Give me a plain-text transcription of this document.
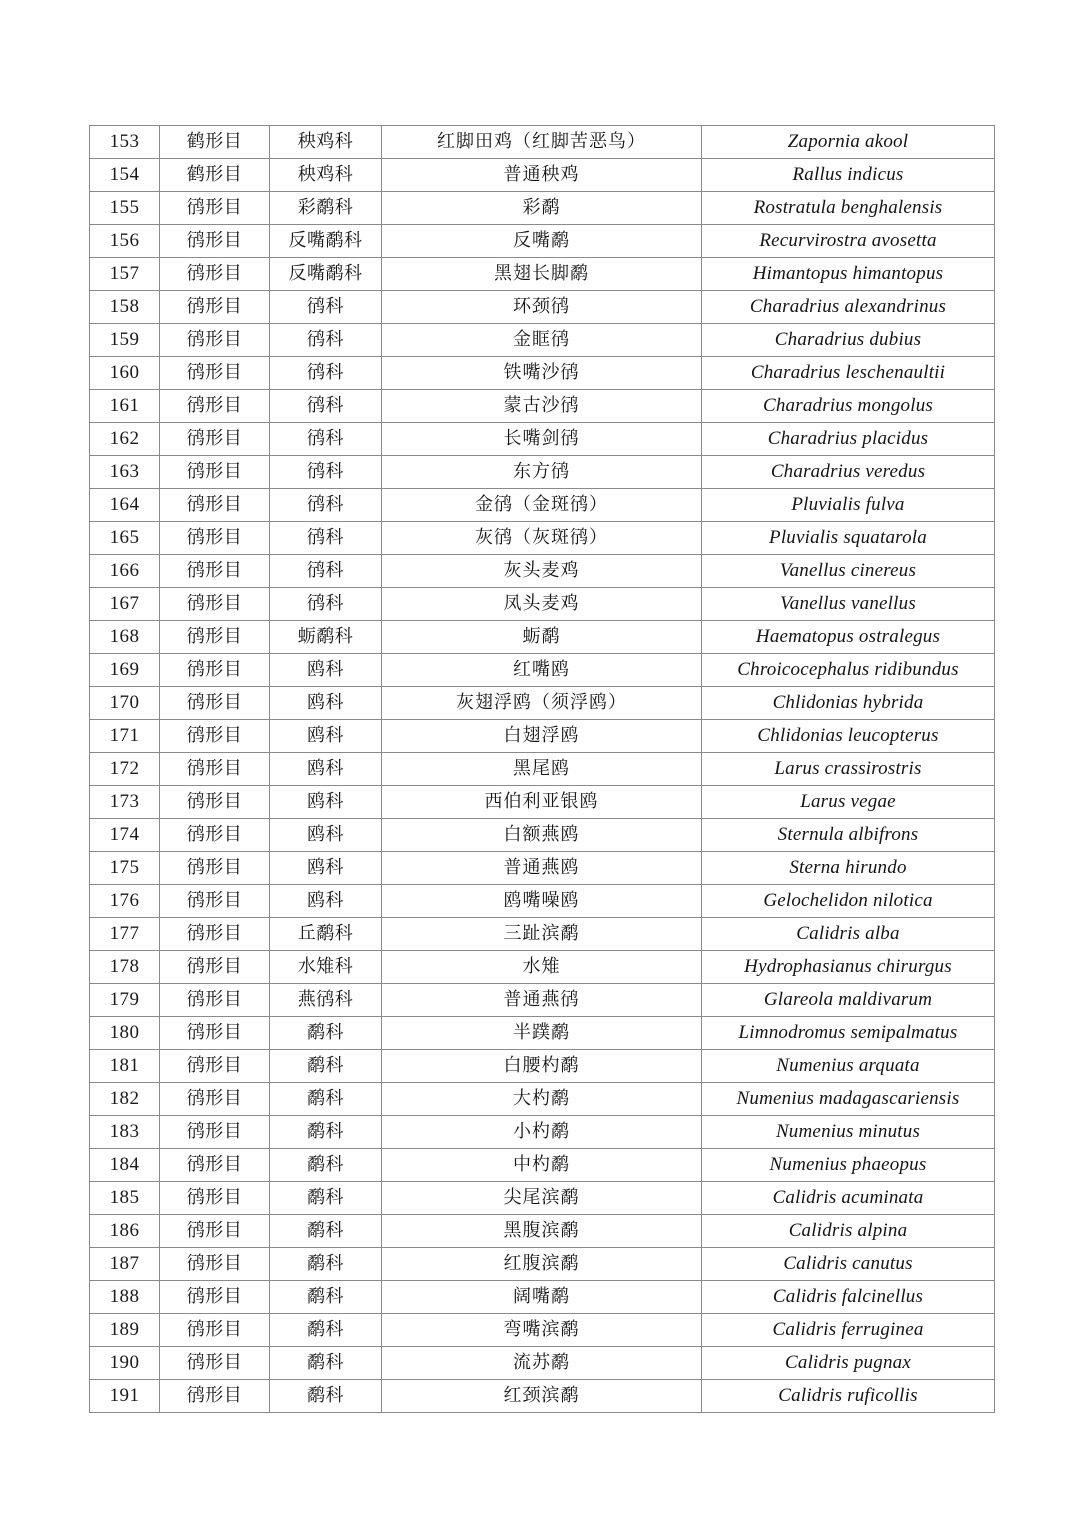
153	鹤形目	秧鸡科	红脚田鸡（红脚苦恶鸟）	Zapornia akool
154	鹤形目	秧鸡科	普通秧鸡	Rallus indicus
155	鸻形目	彩鹬科	彩鹬	Rostratula benghalensis
156	鸻形目	反嘴鹬科	反嘴鹬	Recurvirostra avosetta
157	鸻形目	反嘴鹬科	黑翅长脚鹬	Himantopus himantopus
158	鸻形目	鸻科	环颈鸻	Charadrius alexandrinus
159	鸻形目	鸻科	金眶鸻	Charadrius dubius
160	鸻形目	鸻科	铁嘴沙鸻	Charadrius leschenaultii
161	鸻形目	鸻科	蒙古沙鸻	Charadrius mongolus
162	鸻形目	鸻科	长嘴剑鸻	Charadrius placidus
163	鸻形目	鸻科	东方鸻	Charadrius veredus
164	鸻形目	鸻科	金鸻（金斑鸻）	Pluvialis fulva
165	鸻形目	鸻科	灰鸻（灰斑鸻）	Pluvialis squatarola
166	鸻形目	鸻科	灰头麦鸡	Vanellus cinereus
167	鸻形目	鸻科	凤头麦鸡	Vanellus vanellus
168	鸻形目	蛎鹬科	蛎鹬	Haematopus ostralegus
169	鸻形目	鸥科	红嘴鸥	Chroicocephalus ridibundus
170	鸻形目	鸥科	灰翅浮鸥（须浮鸥）	Chlidonias hybrida
171	鸻形目	鸥科	白翅浮鸥	Chlidonias leucopterus
172	鸻形目	鸥科	黑尾鸥	Larus crassirostris
173	鸻形目	鸥科	西伯利亚银鸥	Larus vegae
174	鸻形目	鸥科	白额燕鸥	Sternula albifrons
175	鸻形目	鸥科	普通燕鸥	Sterna hirundo
176	鸻形目	鸥科	鸥嘴噪鸥	Gelochelidon nilotica
177	鸻形目	丘鹬科	三趾滨鹬	Calidris alba
178	鸻形目	水雉科	水雉	Hydrophasianus chirurgus
179	鸻形目	燕鸻科	普通燕鸻	Glareola maldivarum
180	鸻形目	鹬科	半蹼鹬	Limnodromus semipalmatus
181	鸻形目	鹬科	白腰杓鹬	Numenius arquata
182	鸻形目	鹬科	大杓鹬	Numenius madagascariensis
183	鸻形目	鹬科	小杓鹬	Numenius minutus
184	鸻形目	鹬科	中杓鹬	Numenius phaeopus
185	鸻形目	鹬科	尖尾滨鹬	Calidris acuminata
186	鸻形目	鹬科	黑腹滨鹬	Calidris alpina
187	鸻形目	鹬科	红腹滨鹬	Calidris canutus
188	鸻形目	鹬科	阔嘴鹬	Calidris falcinellus
189	鸻形目	鹬科	弯嘴滨鹬	Calidris ferruginea
190	鸻形目	鹬科	流苏鹬	Calidris pugnax
191	鸻形目	鹬科	红颈滨鹬	Calidris ruficollis
